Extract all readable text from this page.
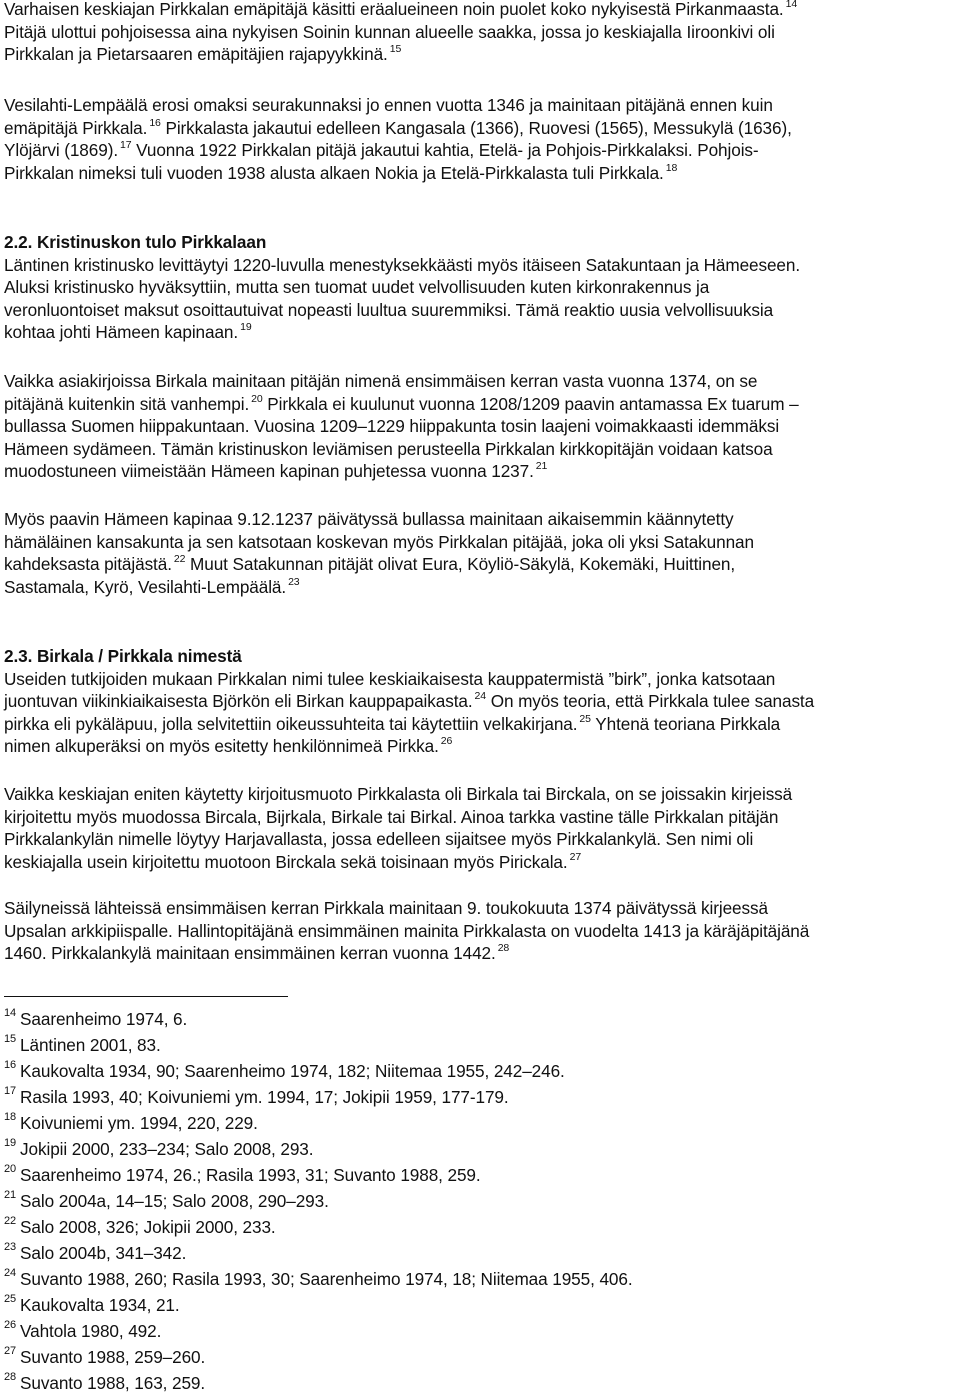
Varhaisen keskiajan Pirkkalan emäpitäjä käsitti eräalueineen noin puolet koko nykyisestä Pirkanmaasta. $^{14}$
Pitäjä ulottui pohjoisessa aina nykyisen Soinin kunnan alueelle saakka, jossa jo keskiajalla Iiroonkivi oli
Pirkkalan ja Pietarsaaren emäpitäjien rajapyykkinä. $^{15}$
Vesilahti-Lempäälä erosi omaksi seurakunnaksi jo ennen vuotta 1346 ja mainitaan pitäjänä ennen kuin
emäpitäjä Pirkkala. $^{16}$ Pirkkalasta jakautui edelleen Kangasala (1366), Ruovesi (1565), Messukylä (1636),
Ylöjärvi (1869). $^{17}$ Vuonna 1922 Pirkkalan pitäjä jakautui kahtia, Etelä- ja Pohjois-Pirkkalaksi. Pohjois-
Pirkkalan nimeksi tuli vuoden 1938 alusta alkaen Nokia ja Etelä-Pirkkalasta tuli Pirkkala. $^{18}$
2.2. Kristinuskon tulo Pirkkalaan
Läntinen kristinusko levittäytyi 1220-luvulla menestyksekkäästi myös itäiseen Satakuntaan ja Hämeeseen.
Aluksi kristinusko hyväksyttiin, mutta sen tuomat uudet velvollisuuden kuten kirkonrakennus ja
veronluontoiset maksut osoittautuivat nopeasti luultua suuremmiksi. Tämä reaktio uusia velvollisuuksia
kohtaa johti Hämeen kapinaan. $^{19}$
Vaikka asiakirjoissa Birkala mainitaan pitäjän nimenä ensimmäisen kerran vasta vuonna 1374, on se
pitäjänä kuitenkin sitä vanhempi. $^{20}$ Pirkkala ei kuulunut vuonna 1208/1209 paavin antamassa Ex tuarum –
bullassa Suomen hiippakuntaan. Vuosina 1209–1229 hiippakunta tosin laajeni voimakkaasti idemmäksi
Hämeen sydämeen. Tämän kristinuskon leviämisen perusteella Pirkkalan kirkkopitäjän voidaan katsoa
muodostuneen viimeistään Hämeen kapinan puhjetessa vuonna 1237. $^{21}$
Myös paavin Hämeen kapinaa 9.12.1237 päivätyssä bullassa mainitaan aikaisemmin käännytetty
hämäläinen kansakunta ja sen katsotaan koskevan myös Pirkkalan pitäjää, joka oli yksi Satakunnan
kahdeksasta pitäjästä. $^{22}$ Muut Satakunnan pitäjät olivat Eura, Köyliö-Säkylä, Kokemäki, Huittinen,
Sastamala, Kyrö, Vesilahti-Lempäälä. $^{23}$
2.3. Birkala / Pirkkala nimestä
Useiden tutkijoiden mukaan Pirkkalan nimi tulee keskiaikaisesta kauppatermistä ”birk”, jonka katsotaan
juontuvan viikinkiaikaisesta Björkön eli Birkan kauppapaikasta. $^{24}$ On myös teoria, että Pirkkala tulee sanasta
pirkka eli pykäläpuu, jolla selvitettiin oikeussuhteita tai käytettiin velkakirjana. $^{25}$ Yhtenä teoriana Pirkkala
nimen alkuperäksi on myös esitetty henkilönnimeä Pirkka. $^{26}$
Vaikka keskiajan eniten käytetty kirjoitusmuoto Pirkkalasta oli Birkala tai Birckala, on se joissakin kirjeissä
kirjoitettu myös muodossa Bircala, Bijrkala, Birkale tai Birkal. Ainoa tarkka vastine tälle Pirkkalan pitäjän
Pirkkalankylän nimelle löytyy Harjavallasta, jossa edelleen sijaitsee myös Pirkkalankylä. Sen nimi oli
keskiajalla usein kirjoitettu muotoon Birckala sekä toisinaan myös Pirickala. $^{27}$
Säilyneissä lähteissä ensimmäisen kerran Pirkkala mainitaan 9. toukokuuta 1374 päivätyssä kirjeessä
Upsalan arkkipiispalle. Hallintopitäjänä ensimmäinen mainita Pirkkalasta on vuodelta 1413 ja käräjäpitäjänä
1460. Pirkkalankylä mainitaan ensimmäinen kerran vuonna 1442. $^{28}$
$^{14}$ Saarenheimo 1974, 6.
$^{15}$ Läntinen 2001, 83.
$^{16}$ Kaukovalta 1934, 90; Saarenheimo 1974, 182; Niitemaa 1955, 242–246.
$^{17}$ Rasila 1993, 40; Koivuniemi ym. 1994, 17; Jokipii 1959, 177-179.
$^{18}$ Koivuniemi ym. 1994, 220, 229.
$^{19}$ Jokipii 2000, 233–234; Salo 2008, 293.
$^{20}$ Saarenheimo 1974, 26.; Rasila 1993, 31; Suvanto 1988, 259.
$^{21}$ Salo 2004a, 14–15; Salo 2008, 290–293.
$^{22}$ Salo 2008, 326; Jokipii 2000, 233.
$^{23}$ Salo 2004b, 341–342.
$^{24}$ Suvanto 1988, 260; Rasila 1993, 30; Saarenheimo 1974, 18; Niitemaa 1955, 406.
$^{25}$ Kaukovalta 1934, 21.
$^{26}$ Vahtola 1980, 492.
$^{27}$ Suvanto 1988, 259–260.
$^{28}$ Suvanto 1988, 163, 259.
